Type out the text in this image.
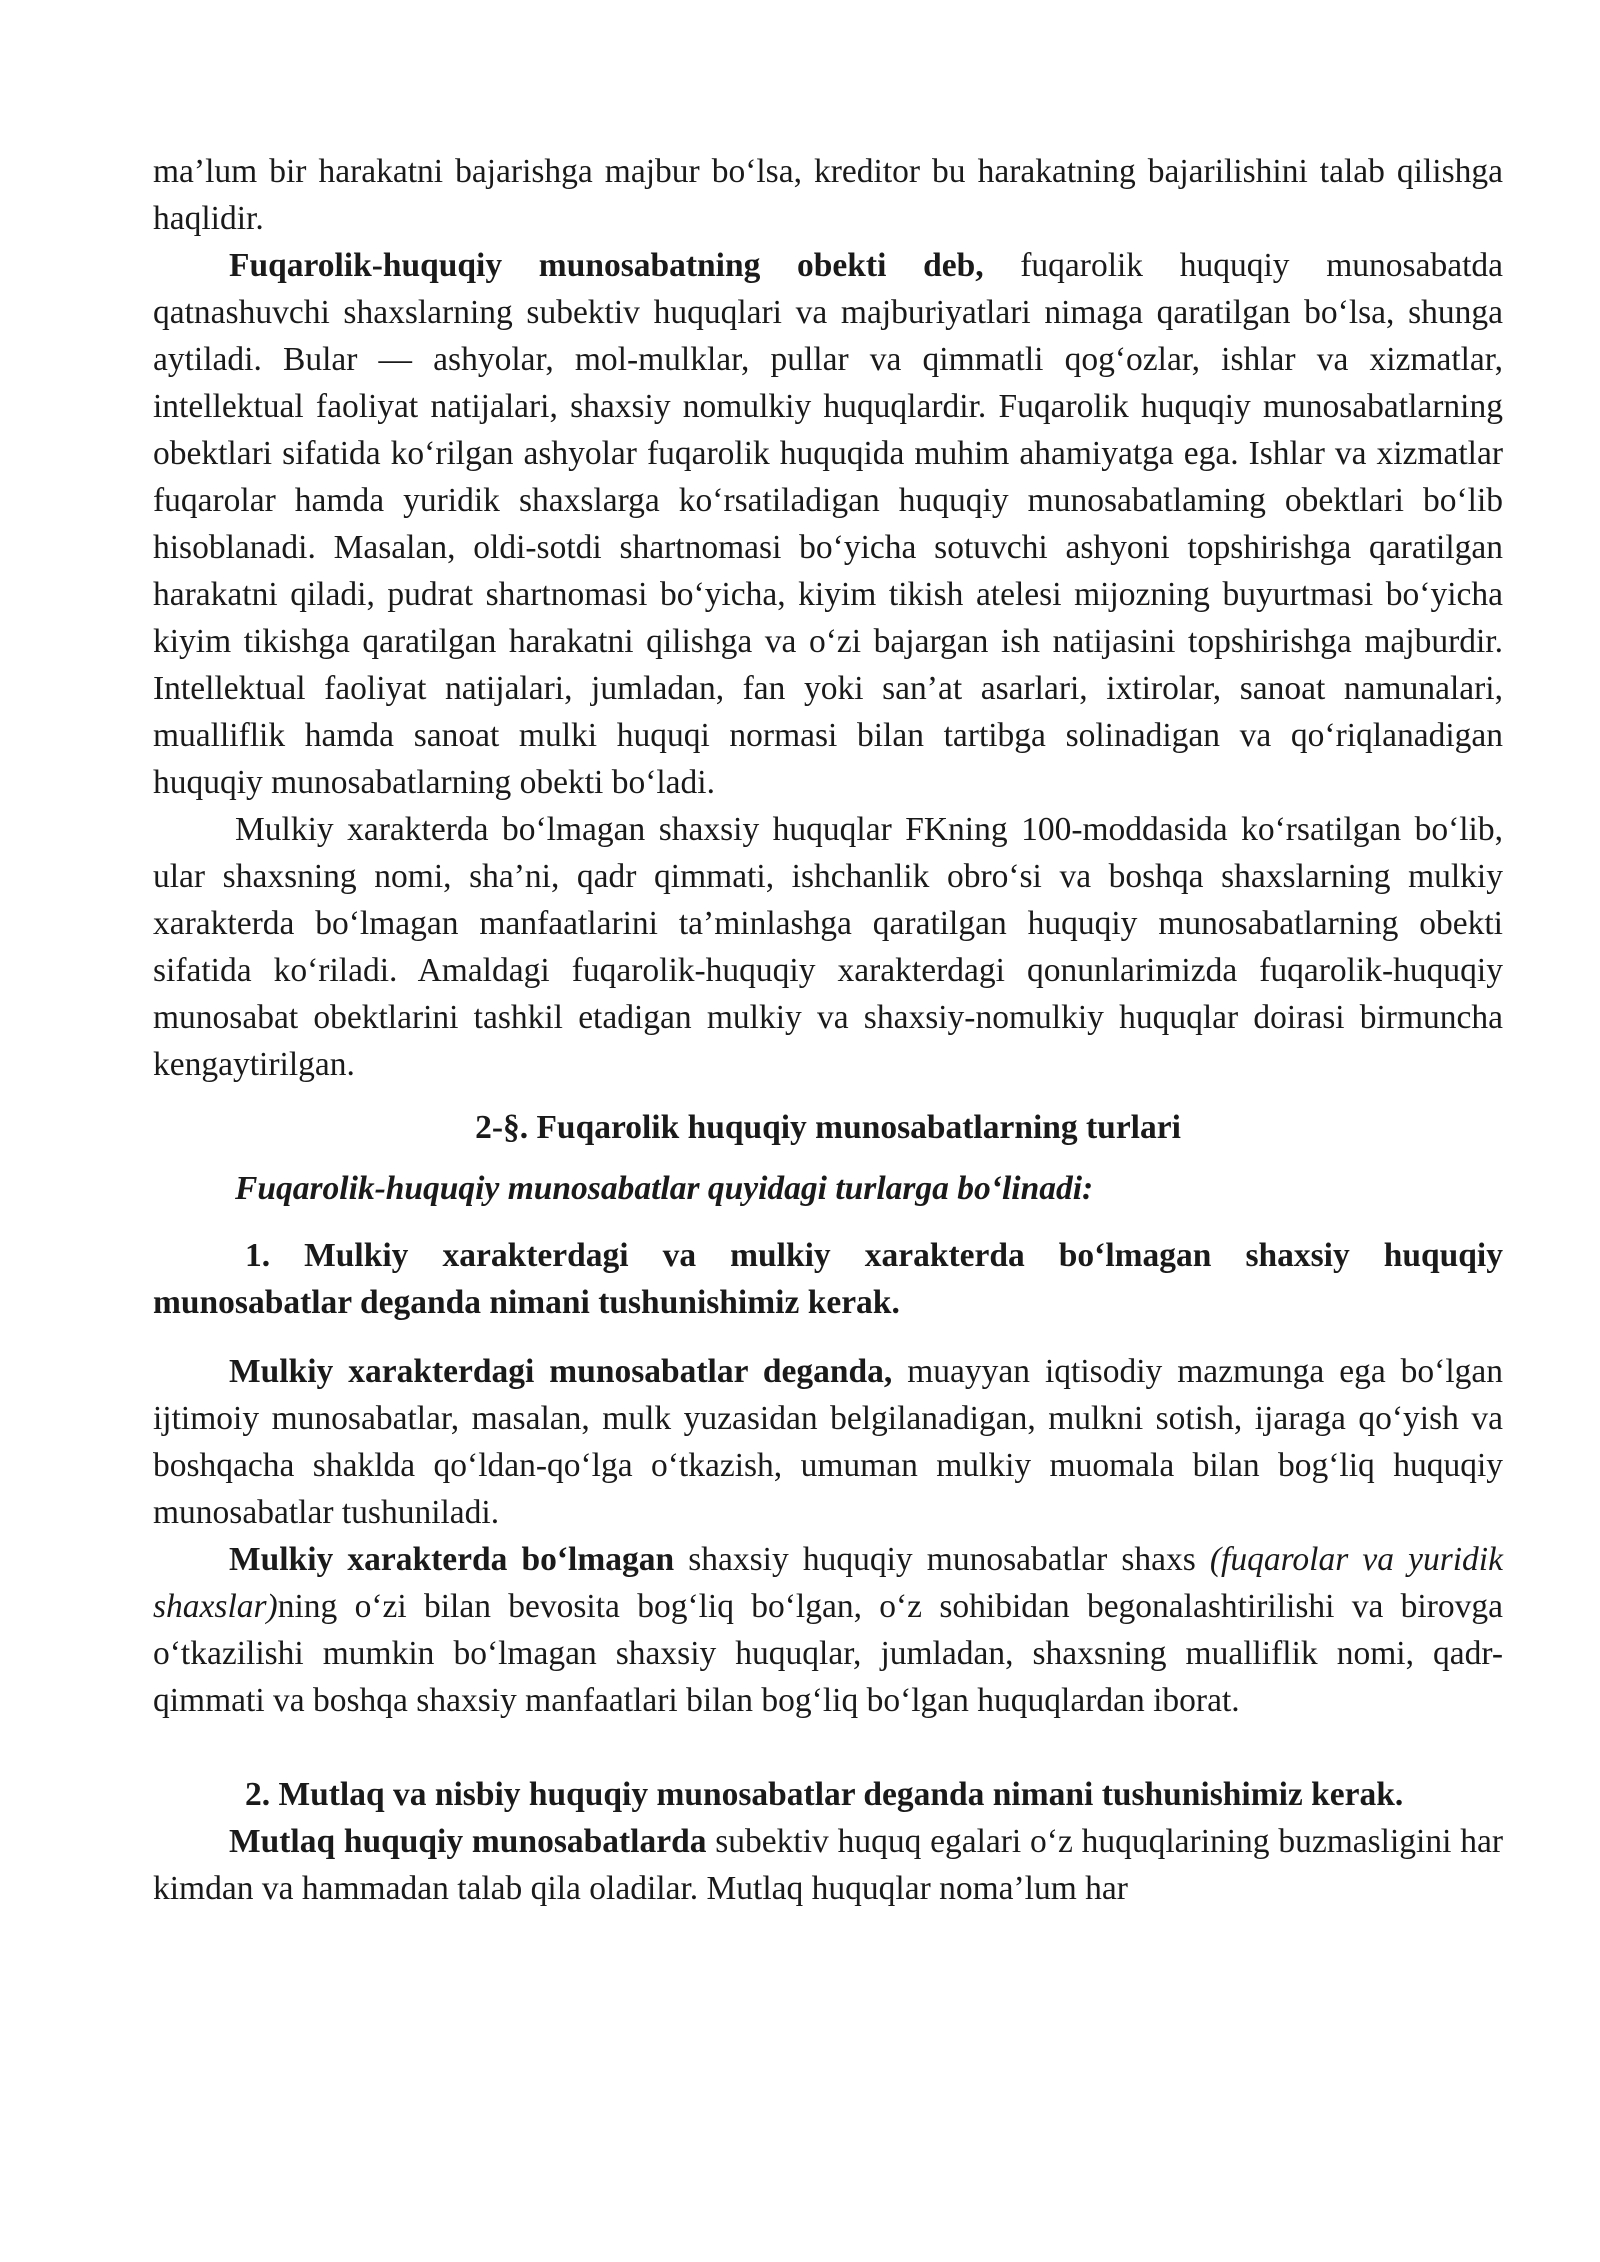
ma’lum bir harakatni bajarishga majbur bo‘lsa, kreditor bu harakatning bajarilishini talab qilishga haqlidir.

Fuqarolik-huquqiy munosabatning obekti deb, fuqarolik huquqiy munosabatda qatnashuvchi shaxslarning subektiv huquqlari va majburiyatlari nimaga qaratilgan bo‘lsa, shunga aytiladi. Bular — ashyolar, mol-mulklar, pullar va qimmatli qog‘ozlar, ishlar va xizmatlar, intellektual faoliyat natijalari, shaxsiy nomulkiy huquqlardir. Fuqarolik huquqiy munosabatlarning obektlari sifatida ko‘rilgan ashyolar fuqarolik huquqida muhim ahamiyatga ega. Ishlar va xizmatlar fuqarolar hamda yuridik shaxslarga ko‘rsatiladigan huquqiy munosabatlaming obektlari bo‘lib hisoblanadi. Masalan, oldi-sotdi shartnomasi bo‘yicha sotuvchi ashyoni topshirishga qaratilgan harakatni qiladi, pudrat shartnomasi bo‘yicha, kiyim tikish atelesi mijozning buyurtmasi bo‘yicha kiyim tikishga qaratilgan harakatni qilishga va o‘zi bajargan ish natijasini topshirishga majburdir. Intellektual faoliyat natijalari, jumladan, fan yoki san’at asarlari, ixtirolar, sanoat namunalari, mualliflik hamda sanoat mulki huquqi normasi bilan tartibga solinadigan va qo‘riqlanadigan huquqiy munosabatlarning obekti bo‘ladi.

Mulkiy xarakterda bo‘lmagan shaxsiy huquqlar FKning 100-moddasida ko‘rsatilgan bo‘lib, ular shaxsning nomi, sha’ni, qadr qimmati, ishchanlik obro‘si va boshqa shaxslarning mulkiy xarakterda bo‘lmagan manfaatlarini ta’minlashga qaratilgan huquqiy munosabatlarning obekti sifatida ko‘riladi. Amaldagi fuqarolik-huquqiy xarakterdagi qonunlarimizda fuqarolik-huquqiy munosabat obektlarini tashkil etadigan mulkiy va shaxsiy-nomulkiy huquqlar doirasi birmuncha kengaytirilgan.

2-§. Fuqarolik huquqiy munosabatlarning turlari

Fuqarolik-huquqiy munosabatlar quyidagi turlarga bo‘linadi:

1. Mulkiy xarakterdagi va mulkiy xarakterda bo‘lmagan shaxsiy huquqiy munosabatlar deganda nimani tushunishimiz kerak.

Mulkiy xarakterdagi munosabatlar deganda, muayyan iqtisodiy mazmunga ega bo‘lgan ijtimoiy munosabatlar, masalan, mulk yuzasidan belgilanadigan, mulkni sotish, ijaraga qo‘yish va boshqacha shaklda qo‘ldan-qo‘lga o‘tkazish, umuman mulkiy muomala bilan bog‘liq huquqiy munosabatlar tushuniladi.

Mulkiy xarakterda bo‘lmagan shaxsiy huquqiy munosabatlar shaxs (fuqarolar va yuridik shaxslar)ning o‘zi bilan bevosita bog‘liq bo‘lgan, o‘z sohibidan begonalashtirilishi va birovga o‘tkazilishi mumkin bo‘lmagan shaxsiy huquqlar, jumladan, shaxsning mualliflik nomi, qadr-qimmati va boshqa shaxsiy manfaatlari bilan bog‘liq bo‘lgan huquqlardan iborat.

2. Mutlaq va nisbiy huquqiy munosabatlar deganda nimani tushunishimiz kerak.

Mutlaq huquqiy munosabatlarda subektiv huquq egalari o‘z huquqlarining buzmasligini har kimdan va hammadan talab qila oladilar. Mutlaq huquqlar noma’lum har
